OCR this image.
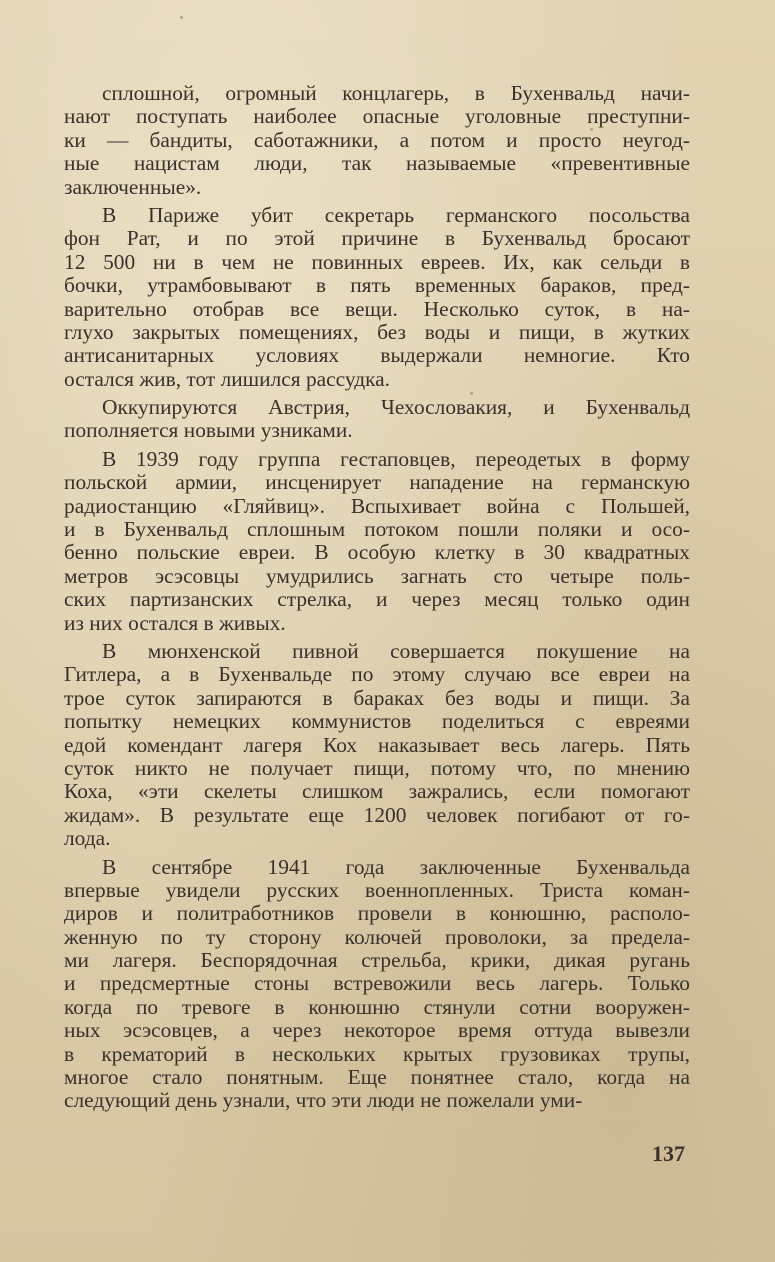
сплошной, огромный концлагерь, в Бухенвальд начи-
нают поступать наиболее опасные уголовные преступни-
ки — бандиты, саботажники, а потом и просто неугод-
ные нацистам люди, так называемые «превентивные
заключенные».
В Париже убит секретарь германского посольства
фон Рат, и по этой причине в Бухенвальд бросают
12 500 ни в чем не повинных евреев. Их, как сельди в
бочки, утрамбовывают в пять временных бараков, пред-
варительно отобрав все вещи. Несколько суток, в на-
глухо закрытых помещениях, без воды и пищи, в жутких
антисанитарных условиях выдержали немногие. Кто
остался жив, тот лишился рассудка.
Оккупируются Австрия, Чехословакия, и Бухенвальд
пополняется новыми узниками.
В 1939 году группа гестаповцев, переодетых в форму
польской армии, инсценирует нападение на германскую
радиостанцию «Гляйвиц». Вспыхивает война с Польшей,
и в Бухенвальд сплошным потоком пошли поляки и осо-
бенно польские евреи. В особую клетку в 30 квадратных
метров эсэсовцы умудрились загнать сто четыре поль-
ских партизанских стрелка, и через месяц только один
из них остался в живых.
В мюнхенской пивной совершается покушение на
Гитлера, а в Бухенвальде по этому случаю все евреи на
трое суток запираются в бараках без воды и пищи. За
попытку немецких коммунистов поделиться с евреями
едой комендант лагеря Кох наказывает весь лагерь. Пять
суток никто не получает пищи, потому что, по мнению
Коха, «эти скелеты слишком зажрались, если помогают
жидам». В результате еще 1200 человек погибают от го-
лода.
В сентябре 1941 года заключенные Бухенвальда
впервые увидели русских военнопленных. Триста коман-
диров и политработников провели в конюшню, располо-
женную по ту сторону колючей проволоки, за предела-
ми лагеря. Беспорядочная стрельба, крики, дикая ругань
и предсмертные стоны встревожили весь лагерь. Только
когда по тревоге в конюшню стянули сотни вооружен-
ных эсэсовцев, а через некоторое время оттуда вывезли
в крематорий в нескольких крытых грузовиках трупы,
многое стало понятным. Еще понятнее стало, когда на
следующий день узнали, что эти люди не пожелали уми-
137
